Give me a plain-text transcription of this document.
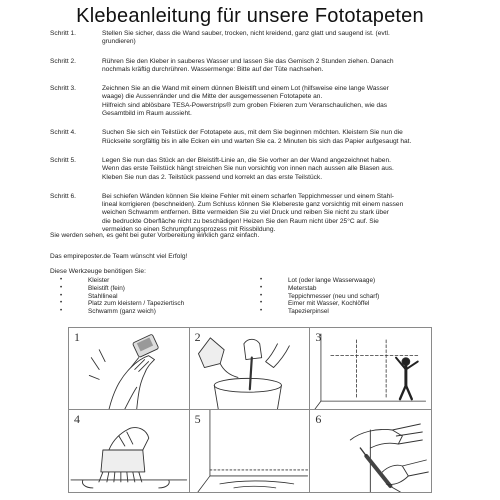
Klebeanleitung für unsere Fototapeten
Schritt 1.	Stellen Sie sicher, dass die Wand sauber, trocken, nicht kreidend, ganz glatt und saugend ist. (evtl.
grundieren)
Schritt 2.	Rühren Sie den Kleber in sauberes Wasser und lassen Sie das Gemisch 2 Stunden ziehen. Danach
nochmals kräftig durchrühren. Wassermenge: Bitte auf der Tüte nachsehen.
Schritt 3.	Zeichnen Sie an die Wand mit einem dünnen Bleistift und einem Lot (hilfsweise eine lange Wasser
waage) die Aussenränder und die Mitte der ausgemessenen Fototapete an.
Hilfreich sind ablösbare TESA-Powerstrips® zum groben Fixieren zum Veranschaulichen, wie das
Gesamtbild im Raum aussieht.
Schritt 4.	Suchen Sie sich ein Teilstück der Fototapete aus, mit dem Sie beginnen möchten. Kleistern Sie nun die
Rückseite sorgfältig bis in alle Ecken ein und warten Sie ca. 2 Minuten bis sich das Papier aufgesaugt hat.
Schritt 5.	Legen Sie nun das Stück an der Bleistift-Linie an, die Sie vorher an der Wand angezeichnet haben.
Wenn das erste Teilstück hängt streichen Sie nun vorsichtig von innen nach aussen alle Blasen aus.
Kleben Sie nun das 2. Teilstück passend und korrekt an das erste Teilstück.
Schritt 6.	Bei schiefen Wänden können Sie kleine Fehler mit einem scharfen Teppichmesser und einem Stahl-
lineal korrigieren (beschneiden). Zum Schluss können Sie Klebereste ganz vorsichtig mit einem nassen
weichen Schwamm entfernen. Bitte vermeiden Sie zu viel Druck und reiben Sie nicht zu stark über
die bedruckte Oberfläche nicht zu beschädigen! Heizen Sie den Raum nicht über 25°C auf. Sie
vermeiden so einen Schrumpfungsprozess mit Rissbildung.
Sie werden sehen, es geht bei guter Vorbereitung wirklich ganz einfach.
Das empireposter.de Team wünscht viel Erfolg!
Diese Werkzeuge benötigen Sie:
•	Kleister
•	Bleistift (fein)
•	Stahllineal
•	Platz zum kleistern / Tapeziertisch
•	Schwamm (ganz weich)
•	Lot (oder lange Wasserwaage)
•	Meterstab
•	Teppichmesser (neu und scharf)
•	Eimer mit Wasser, Kochlöffel
•	Tapezierpinsel
1	2	3
4	5	6
